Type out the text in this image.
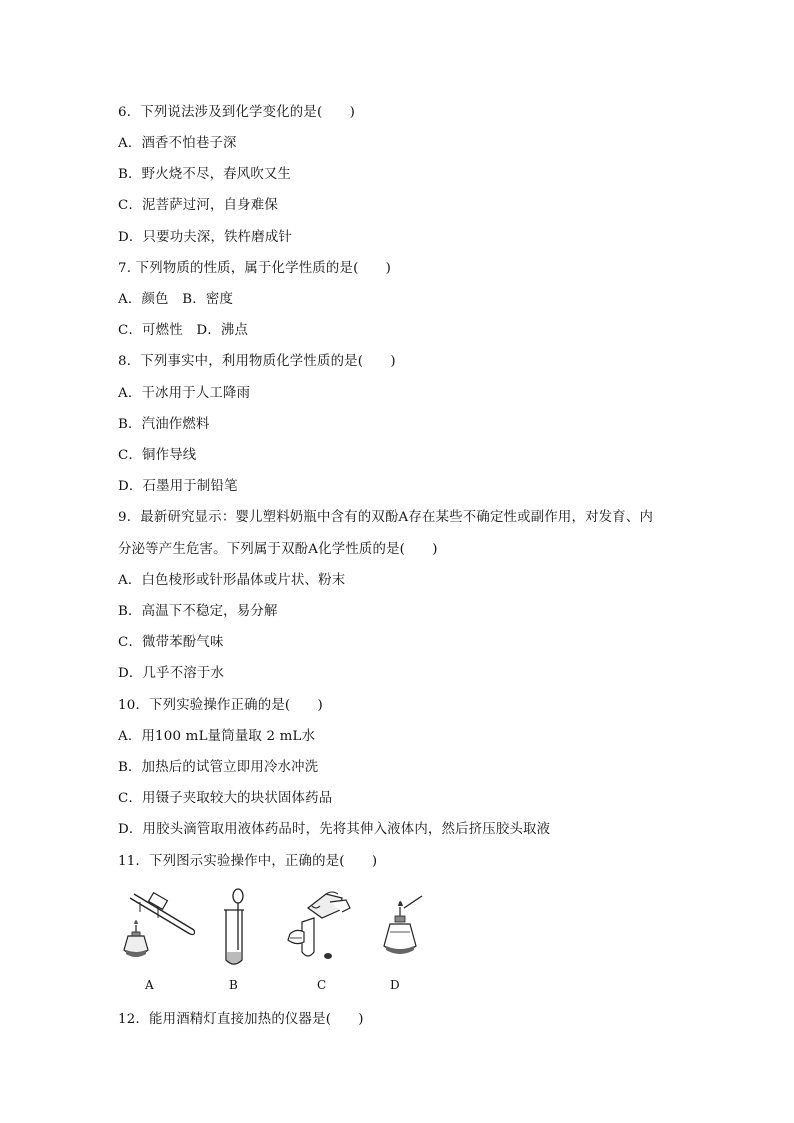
6．下列说法涉及到化学变化的是(　　)
A．酒香不怕巷子深
B．野火烧不尽，春风吹又生
C．泥菩萨过河，自身难保
D．只要功夫深，铁杵磨成针
7. 下列物质的性质，属于化学性质的是(　　)
A．颜色　B．密度
C．可燃性　D．沸点
8．下列事实中，利用物质化学性质的是(　　)
A．干冰用于人工降雨
B．汽油作燃料
C．铜作导线
D．石墨用于制铅笔
9．最新研究显示：婴儿塑料奶瓶中含有的双酚A存在某些不确定性或副作用，对发育、内
分泌等产生危害。下列属于双酚A化学性质的是(　　)
A．白色棱形或针形晶体或片状、粉末
B．高温下不稳定，易分解
C．微带苯酚气味
D．几乎不溶于水
10．下列实验操作正确的是(　　)
A．用100 mL量筒量取 2 mL水
B．加热后的试管立即用冷水冲洗
C．用镊子夹取较大的块状固体药品
D．用胶头滴管取用液体药品时，先将其伸入液体内，然后挤压胶头取液
11．下列图示实验操作中，正确的是(　　)
A	B	C	D
12．能用酒精灯直接加热的仪器是(　　)
